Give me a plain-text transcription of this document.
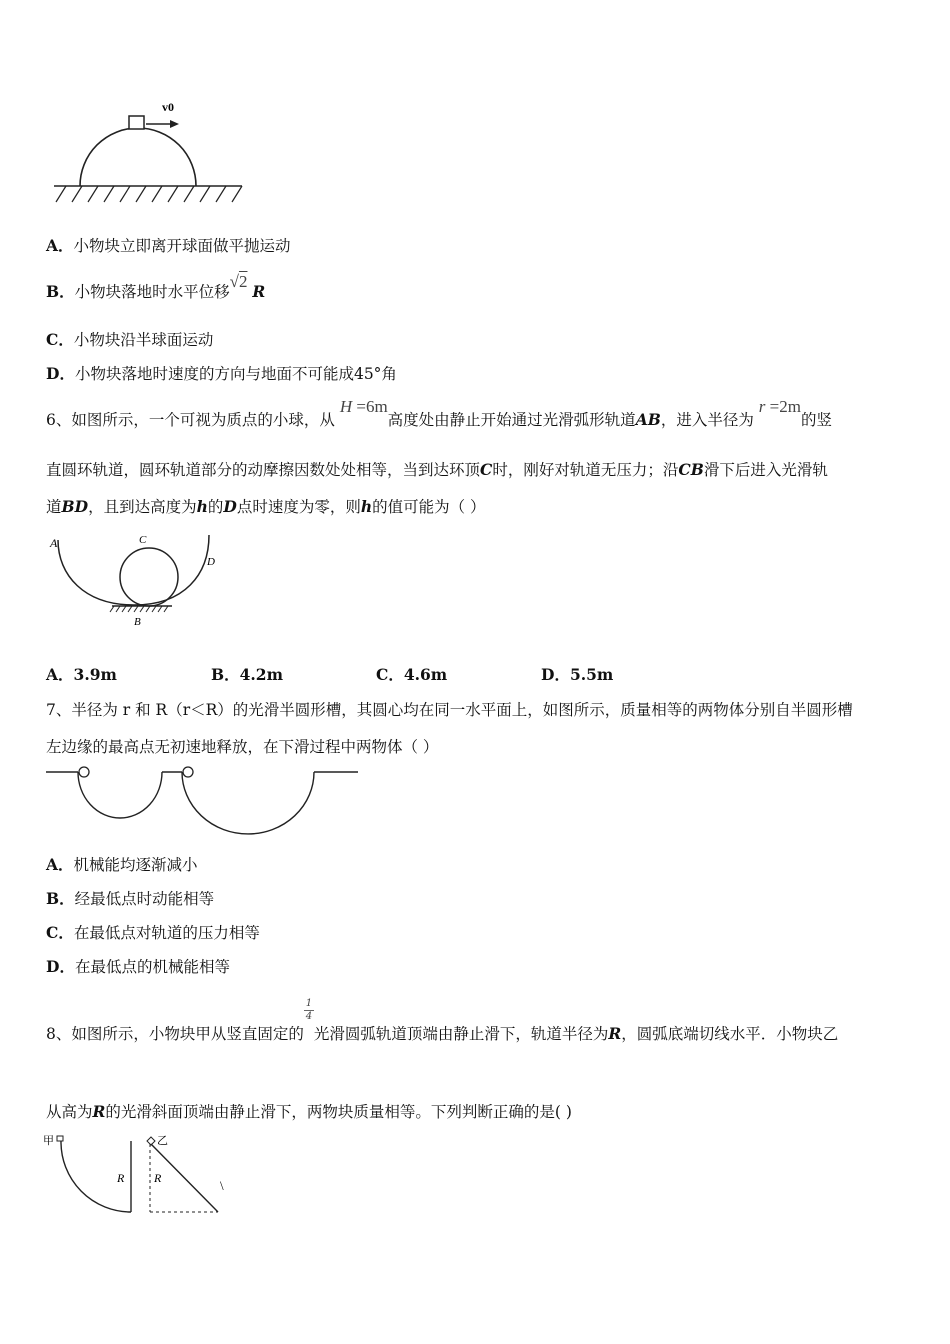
v0
A．小物块立即离开球面做平抛运动
B．小物块落地时水平位移√2 R
C．小物块沿半球面运动
D．小物块落地时速度的方向与地面不可能成45°角
6、如图所示，一个可视为质点的小球，从 H =6m高度处由静止开始通过光滑弧形轨道AB，进入半径为 r =2m的竖
直圆环轨道，圆环轨道部分的动摩擦因数处处相等，当到达环顶C时，刚好对轨道无压力；沿CB滑下后进入光滑轨
道BD，且到达高度为h的D点时速度为零，则h的值可能为（ ）
A	C
D
B
A．3.9m	B．4.2m	C．4.6m	D．5.5m
7、半径为 r 和 R（r＜R）的光滑半圆形槽，其圆心均在同一水平面上，如图所示，质量相等的两物体分别自半圆形槽
左边缘的最高点无初速地释放，在下滑过程中两物体（ ）
A．机械能均逐渐减小
B．经最低点时动能相等
C．在最低点对轨道的压力相等
D．在最低点的机械能相等
8、如图所示，小物块甲从竖直固定的$\frac{1}{4}$
光滑圆弧轨道顶端由静止滑下，轨道半径为R，圆弧底端切线水平．小物块乙
从高为R的光滑斜面顶端由静止滑下，两物块质量相等。下列判断正确的是( )
甲
R
乙
R	\
